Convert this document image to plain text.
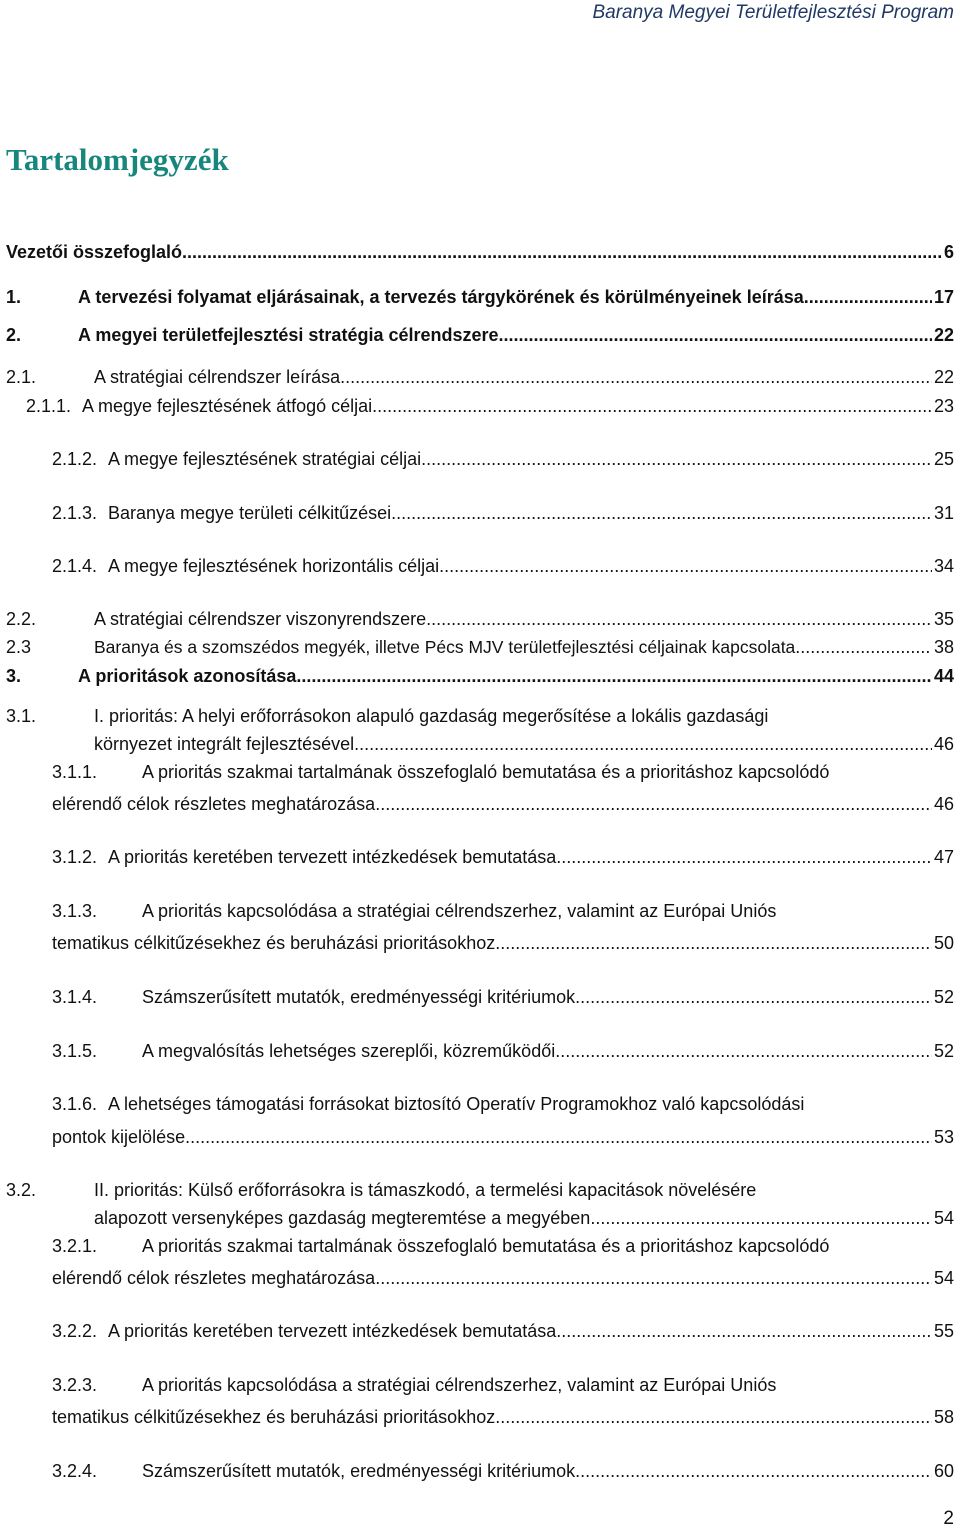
Baranya Megyei Területfejlesztési Program
Tartalomjegyzék
Vezetői összefoglaló .....	6
1.	A tervezési folyamat eljárásainak, a tervezés tárgykörének és körülményeinek leírása .....	17
2.	A megyei területfejlesztési stratégia célrendszere .....	22
2.1.	A stratégiai célrendszer leírása .....	22
2.1.1. A megye fejlesztésének átfogó céljai .....	23
2.1.2. A megye fejlesztésének stratégiai céljai .....	25
2.1.3. Baranya megye területi célkitűzései .....	31
2.1.4. A megye fejlesztésének horizontális céljai .....	34
2.2.	A stratégiai célrendszer viszonyrendszere .....	35
2.3	Baranya és a szomszédos megyék, illetve Pécs MJV területfejlesztési céljainak kapcsolata .....	38
3.	A prioritások azonosítása .....	44
3.1.	I. prioritás: A helyi erőforrásokon alapuló gazdaság megerősítése a lokális gazdasági
környezet integrált fejlesztésével .....	46
3.1.1. A prioritás szakmai tartalmának összefoglaló bemutatása és a prioritáshoz kapcsolódó
elérendő célok részletes meghatározása .....	46
3.1.2. A prioritás keretében tervezett intézkedések bemutatása .....	47
3.1.3. A prioritás kapcsolódása a stratégiai célrendszerhez, valamint az Európai Uniós
tematikus célkitűzésekhez és beruházási prioritásokhoz .....	50
3.1.4.	Számszerűsített mutatók, eredményességi kritériumok .....	52
3.1.5.	A megvalósítás lehetséges szereplői, közreműködői .....	52
3.1.6. A lehetséges támogatási forrásokat biztosító Operatív Programokhoz való kapcsolódási
pontok kijelölése .....	53
3.2.	II. prioritás: Külső erőforrásokra is támaszkodó, a termelési kapacitások növelésére
alapozott versenyképes gazdaság megteremtése a megyében .....	54
3.2.1. A prioritás szakmai tartalmának összefoglaló bemutatása és a prioritáshoz kapcsolódó
elérendő célok részletes meghatározása .....	54
3.2.2. A prioritás keretében tervezett intézkedések bemutatása .....	55
3.2.3. A prioritás kapcsolódása a stratégiai célrendszerhez, valamint az Európai Uniós
tematikus célkitűzésekhez és beruházási prioritásokhoz .....	58
3.2.4.	Számszerűsített mutatók, eredményességi kritériumok .....	60
2
